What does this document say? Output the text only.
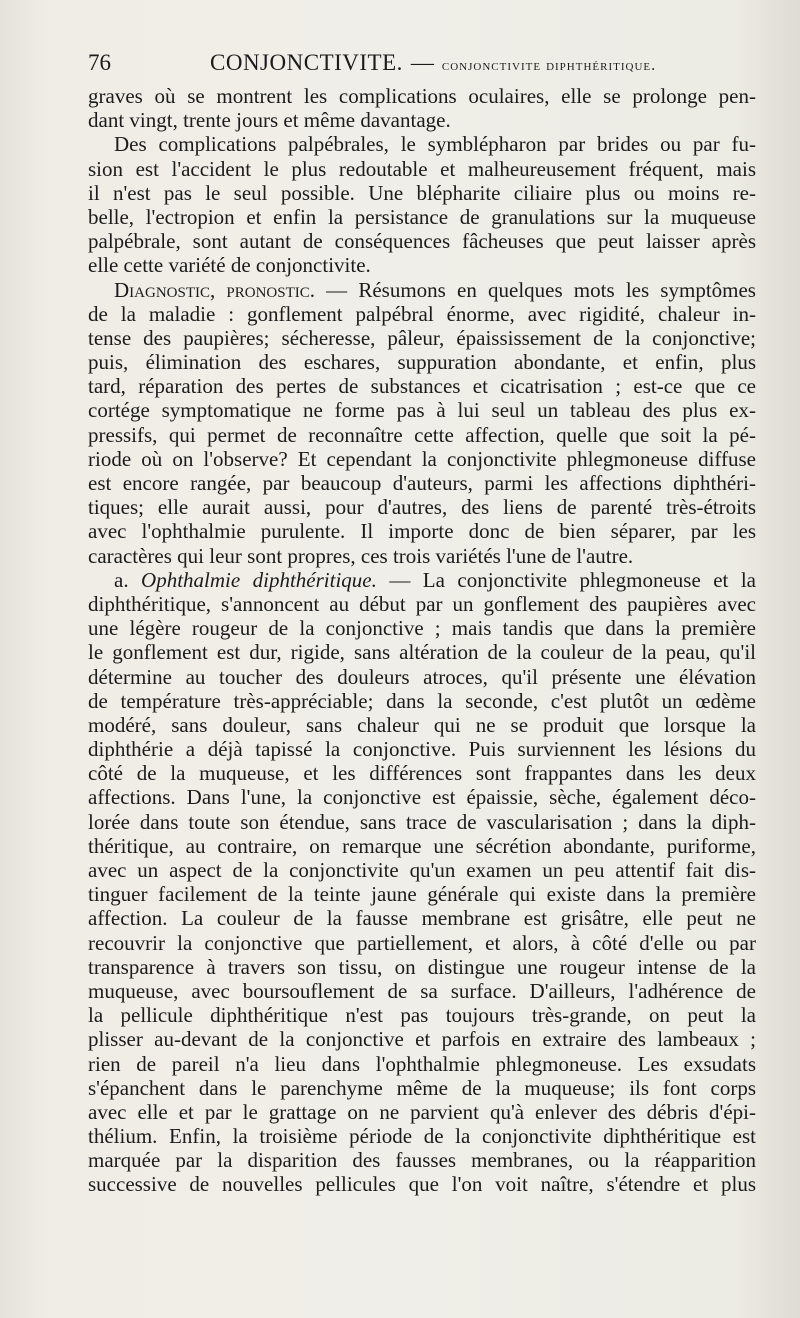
76	CONJONCTIVITE. — conjonctivite diphthéritique.
graves où se montrent les complications oculaires, elle se prolonge pen-
dant vingt, trente jours et même davantage.
Des complications palpébrales, le symblépharon par brides ou par fu-
sion est l'accident le plus redoutable et malheureusement fréquent, mais
il n'est pas le seul possible. Une blépharite ciliaire plus ou moins re-
belle, l'ectropion et enfin la persistance de granulations sur la muqueuse
palpébrale, sont autant de conséquences fâcheuses que peut laisser après
elle cette variété de conjonctivite.
Diagnostic, pronostic. — Résumons en quelques mots les symptômes
de la maladie : gonflement palpébral énorme, avec rigidité, chaleur in-
tense des paupières; sécheresse, pâleur, épaississement de la conjonctive;
puis, élimination des eschares, suppuration abondante, et enfin, plus
tard, réparation des pertes de substances et cicatrisation ; est-ce que ce
cortége symptomatique ne forme pas à lui seul un tableau des plus ex-
pressifs, qui permet de reconnaître cette affection, quelle que soit la pé-
riode où on l'observe? Et cependant la conjonctivite phlegmoneuse diffuse
est encore rangée, par beaucoup d'auteurs, parmi les affections diphthéri-
tiques; elle aurait aussi, pour d'autres, des liens de parenté très-étroits
avec l'ophthalmie purulente. Il importe donc de bien séparer, par les
caractères qui leur sont propres, ces trois variétés l'une de l'autre.
a. Ophthalmie diphthéritique. — La conjonctivite phlegmoneuse et la
diphthéritique, s'annoncent au début par un gonflement des paupières avec
une légère rougeur de la conjonctive ; mais tandis que dans la première
le gonflement est dur, rigide, sans altération de la couleur de la peau, qu'il
détermine au toucher des douleurs atroces, qu'il présente une élévation
de température très-appréciable; dans la seconde, c'est plutôt un œdème
modéré, sans douleur, sans chaleur qui ne se produit que lorsque la
diphthérie a déjà tapissé la conjonctive. Puis surviennent les lésions du
côté de la muqueuse, et les différences sont frappantes dans les deux
affections. Dans l'une, la conjonctive est épaissie, sèche, également déco-
lorée dans toute son étendue, sans trace de vascularisation ; dans la diph-
théritique, au contraire, on remarque une sécrétion abondante, puriforme,
avec un aspect de la conjonctivite qu'un examen un peu attentif fait dis-
tinguer facilement de la teinte jaune générale qui existe dans la première
affection. La couleur de la fausse membrane est grisâtre, elle peut ne
recouvrir la conjonctive que partiellement, et alors, à côté d'elle ou par
transparence à travers son tissu, on distingue une rougeur intense de la
muqueuse, avec boursouflement de sa surface. D'ailleurs, l'adhérence de
la pellicule diphthéritique n'est pas toujours très-grande, on peut la
plisser au-devant de la conjonctive et parfois en extraire des lambeaux ;
rien de pareil n'a lieu dans l'ophthalmie phlegmoneuse. Les exsudats
s'épanchent dans le parenchyme même de la muqueuse; ils font corps
avec elle et par le grattage on ne parvient qu'à enlever des débris d'épi-
thélium. Enfin, la troisième période de la conjonctivite diphthéritique est
marquée par la disparition des fausses membranes, ou la réapparition
successive de nouvelles pellicules que l'on voit naître, s'étendre et plus
